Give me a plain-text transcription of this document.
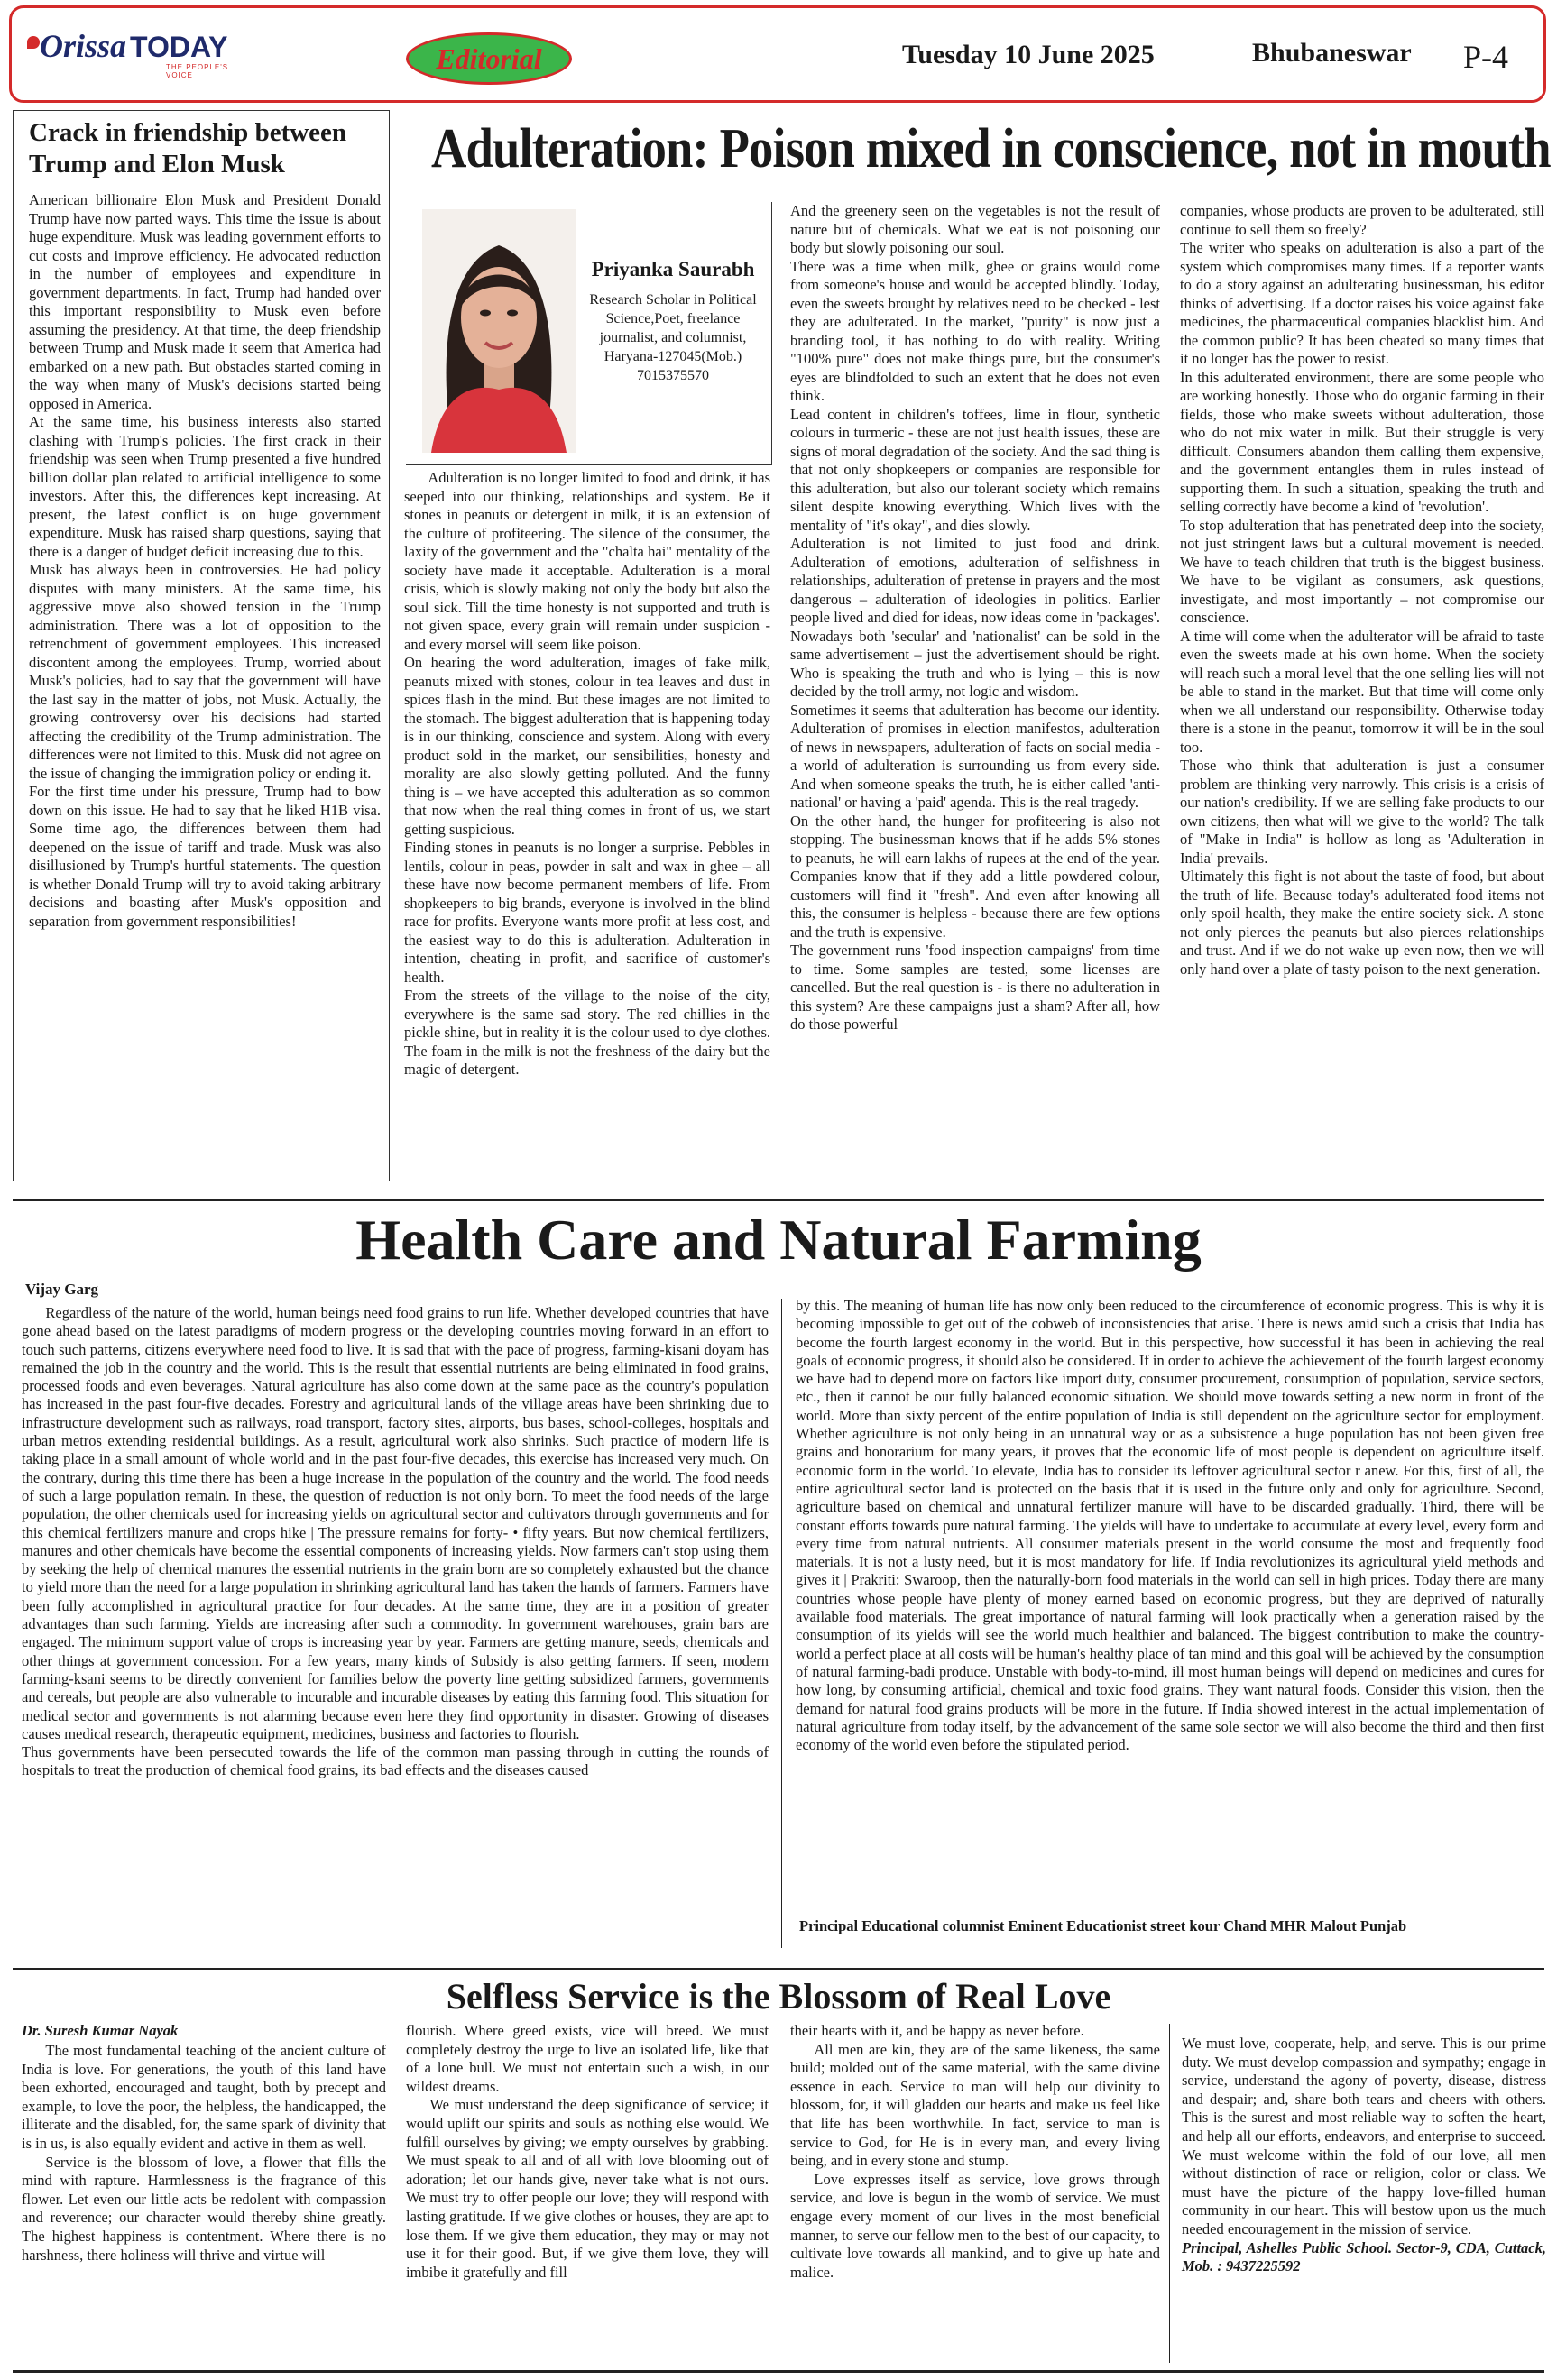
Orissa TODAY
THE PEOPLE'S VOICE
Editorial	Tuesday 10 June 2025	Bhubaneswar P-4
Crack in friendship between Trump and Elon Musk

American billionaire Elon Musk and President Donald Trump have now parted ways. This time the issue is about huge expenditure. Musk was leading government efforts to cut costs and improve efficiency. He advocated reduction in the number of employees and expenditure in government departments. In fact, Trump had handed over this important responsibility to Musk even before assuming the presidency. At that time, the deep friendship between Trump and Musk made it seem that America had embarked on a new path. But obstacles started coming in the way when many of Musk's decisions started being opposed in America.

At the same time, his business interests also started clashing with Trump's policies. The first crack in their friendship was seen when Trump presented a five hundred billion dollar plan related to artificial intelligence to some investors. After this, the differences kept increasing. At present, the latest conflict is on huge government expenditure. Musk has raised sharp questions, saying that there is a danger of budget deficit increasing due to this.

Musk has always been in controversies. He had policy disputes with many ministers. At the same time, his aggressive move also showed tension in the Trump administration. There was a lot of opposition to the retrenchment of government employees. This increased discontent among the employees. Trump, worried about Musk's policies, had to say that the government will have the last say in the matter of jobs, not Musk. Actually, the growing controversy over his decisions had started affecting the credibility of the Trump administration. The differences were not limited to this. Musk did not agree on the issue of changing the immigration policy or ending it.

For the first time under his pressure, Trump had to bow down on this issue. He had to say that he liked H1B visa. Some time ago, the differences between them had deepened on the issue of tariff and trade. Musk was also disillusioned by Trump's hurtful statements. The question is whether Donald Trump will try to avoid taking arbitrary decisions and boasting after Musk's opposition and separation from government responsibilities!

Adulteration: Poison mixed in conscience, not in mouth
Priyanka Saurabh
Research Scholar in Political Science,Poet, freelance journalist, and columnist, Haryana-127045(Mob.) 7015375570

Adulteration is no longer limited to food and drink, it has seeped into our thinking, relationships and system. Be it stones in peanuts or detergent in milk, it is an extension of the culture of profiteering. The silence of the consumer, the laxity of the government and the "chalta hai" mentality of the society have made it acceptable. Adulteration is a moral crisis, which is slowly making not only the body but also the soul sick. Till the time honesty is not supported and truth is not given space, every grain will remain under suspicion - and every morsel will seem like poison.

On hearing the word adulteration, images of fake milk, peanuts mixed with stones, colour in tea leaves and dust in spices flash in the mind. But these images are not limited to the stomach. The biggest adulteration that is happening today is in our thinking, conscience and system. Along with every product sold in the market, our sensibilities, honesty and morality are also slowly getting polluted. And the funny thing is – we have accepted this adulteration as so common that now when the real thing comes in front of us, we start getting suspicious.

Finding stones in peanuts is no longer a surprise. Pebbles in lentils, colour in peas, powder in salt and wax in ghee – all these have now become permanent members of life. From shopkeepers to big brands, everyone is involved in the blind race for profits. Everyone wants more profit at less cost, and the easiest way to do this is adulteration. Adulteration in intention, cheating in profit, and sacrifice of customer's health.

From the streets of the village to the noise of the city, everywhere is the same sad story. The red chillies in the pickle shine, but in reality it is the colour used to dye clothes. The foam in the milk is not the freshness of the dairy but the magic of detergent.

And the greenery seen on the vegetables is not the result of nature but of chemicals. What we eat is not poisoning our body but slowly poisoning our soul.

There was a time when milk, ghee or grains would come from someone's house and would be accepted blindly. Today, even the sweets brought by relatives need to be checked - lest they are adulterated. In the market, "purity" is now just a branding tool, it has nothing to do with reality. Writing "100% pure" does not make things pure, but the consumer's eyes are blindfolded to such an extent that he does not even think.

Lead content in children's toffees, lime in flour, synthetic colours in turmeric - these are not just health issues, these are signs of moral degradation of the society. And the sad thing is that not only shopkeepers or companies are responsible for this adulteration, but also our tolerant society which remains silent despite knowing everything. Which lives with the mentality of "it's okay", and dies slowly.

Adulteration is not limited to just food and drink. Adulteration of emotions, adulteration of selfishness in relationships, adulteration of pretense in prayers and the most dangerous – adulteration of ideologies in politics. Earlier people lived and died for ideas, now ideas come in 'packages'. Nowadays both 'secular' and 'nationalist' can be sold in the same advertisement – just the advertisement should be right. Who is speaking the truth and who is lying – this is now decided by the troll army, not logic and wisdom.

Sometimes it seems that adulteration has become our identity. Adulteration of promises in election manifestos, adulteration of news in newspapers, adulteration of facts on social media - a world of adulteration is surrounding us from every side. And when someone speaks the truth, he is either called 'anti-national' or having a 'paid' agenda. This is the real tragedy.

On the other hand, the hunger for profiteering is also not stopping. The businessman knows that if he adds 5% stones to peanuts, he will earn lakhs of rupees at the end of the year. Companies know that if they add a little powdered colour, customers will find it "fresh". And even after knowing all this, the consumer is helpless - because there are few options and the truth is expensive.

The government runs 'food inspection campaigns' from time to time. Some samples are tested, some licenses are cancelled. But the real question is - is there no adulteration in this system? Are these campaigns just a sham? After all, how do those powerful

companies, whose products are proven to be adulterated, still continue to sell them so freely?

The writer who speaks on adulteration is also a part of the system which compromises many times. If a reporter wants to do a story against an adulterating businessman, his editor thinks of advertising. If a doctor raises his voice against fake medicines, the pharmaceutical companies blacklist him. And the common public? It has been cheated so many times that it no longer has the power to resist.

In this adulterated environment, there are some people who are working honestly. Those who do organic farming in their fields, those who make sweets without adulteration, those who do not mix water in milk. But their struggle is very difficult. Consumers abandon them calling them expensive, and the government entangles them in rules instead of supporting them. In such a situation, speaking the truth and selling correctly have become a kind of 'revolution'.

To stop adulteration that has penetrated deep into the society, not just stringent laws but a cultural movement is needed. We have to teach children that truth is the biggest business. We have to be vigilant as consumers, ask questions, investigate, and most importantly – not compromise our conscience.

A time will come when the adulterator will be afraid to taste even the sweets made at his own home. When the society will reach such a moral level that the one selling lies will not be able to stand in the market. But that time will come only when we all understand our responsibility. Otherwise today there is a stone in the peanut, tomorrow it will be in the soul too.

Those who think that adulteration is just a consumer problem are thinking very narrowly. This crisis is a crisis of our nation's credibility. If we are selling fake products to our own citizens, then what will we give to the world? The talk of "Make in India" is hollow as long as 'Adulteration in India' prevails.

Ultimately this fight is not about the taste of food, but about the truth of life. Because today's adulterated food items not only spoil health, they make the entire society sick. A stone not only pierces the peanuts but also pierces relationships and trust. And if we do not wake up even now, then we will only hand over a plate of tasty poison to the next generation.

Health Care and Natural Farming
Vijay Garg

Regardless of the nature of the world, human beings need food grains to run life. Whether developed countries that have gone ahead based on the latest paradigms of modern progress or the developing countries moving forward in an effort to touch such patterns, citizens everywhere need food to live. It is sad that with the pace of progress, farming-kisani doyam has remained the job in the country and the world. This is the result that essential nutrients are being eliminated in food grains, processed foods and even beverages. Natural agriculture has also come down at the same pace as the country's population has increased in the past four-five decades. Forestry and agricultural lands of the village areas have been shrinking due to infrastructure development such as railways, road transport, factory sites, airports, bus bases, school-colleges, hospitals and urban metros extending residential buildings. As a result, agricultural work also shrinks. Such practice of modern life is taking place in a small amount of whole world and in the past four-five decades, this exercise has increased very much. On the contrary, during this time there has been a huge increase in the population of the country and the world. The food needs of such a large population remain. In these, the question of reduction is not only born. To meet the food needs of the large population, the other chemicals used for increasing yields on agricultural sector and cultivators through governments and for this chemical fertilizers manure and crops hike | The pressure remains for forty- • fifty years. But now chemical fertilizers, manures and other chemicals have become the essential components of increasing yields. Now farmers can't stop using them by seeking the help of chemical manures the essential nutrients in the grain born are so completely exhausted but the chance to yield more than the need for a large population in shrinking agricultural land has taken the hands of farmers. Farmers have been fully accomplished in agricultural practice for four decades. At the same time, they are in a position of greater advantages than such farming. Yields are increasing after such a commodity. In government warehouses, grain bars are engaged. The minimum support value of crops is increasing year by year. Farmers are getting manure, seeds, chemicals and other things at government concession. For a few years, many kinds of Subsidy is also getting farmers. If seen, modern farming-ksani seems to be directly convenient for families below the poverty line getting subsidized farmers, governments and cereals, but people are also vulnerable to incurable and incurable diseases by eating this farming food. This situation for medical sector and governments is not alarming because even here they find opportunity in disaster. Growing of diseases causes medical research, therapeutic equipment, medicines, business and factories to flourish.

Thus governments have been persecuted towards the life of the common man passing through in cutting the rounds of hospitals to treat the production of chemical food grains, its bad effects and the diseases caused

by this. The meaning of human life has now only been reduced to the circumference of economic progress. This is why it is becoming impossible to get out of the cobweb of inconsistencies that arise. There is news amid such a crisis that India has become the fourth largest economy in the world. But in this perspective, how successful it has been in achieving the real goals of economic progress, it should also be considered. If in order to achieve the achievement of the fourth largest economy we have had to depend more on factors like import duty, consumer procurement, consumption of population, service sectors, etc., then it cannot be our fully balanced economic situation. We should move towards setting a new norm in front of the world. More than sixty percent of the entire population of India is still dependent on the agriculture sector for employment. Whether agriculture is not only being in an unnatural way or as a subsistence a huge population has not been given free grains and honorarium for many years, it proves that the economic life of most people is dependent on agriculture itself. economic form in the world. To elevate, India has to consider its leftover agricultural sector r anew. For this, first of all, the entire agricultural sector land is protected on the basis that it is used in the future only and only for agriculture. Second, agriculture based on chemical and unnatural fertilizer manure will have to be discarded gradually. Third, there will be constant efforts towards pure natural farming. The yields will have to undertake to accumulate at every level, every form and every time from natural nutrients. All consumer materials present in the world consume the most and frequently food materials. It is not a lusty need, but it is most mandatory for life. If India revolutionizes its agricultural yield methods and gives it | Prakriti: Swaroop, then the naturally-born food materials in the world can sell in high prices. Today there are many countries whose people have plenty of money earned based on economic progress, but they are deprived of naturally available food materials. The great importance of natural farming will look practically when a generation raised by the consumption of its yields will see the world much healthier and balanced. The biggest contribution to make the country-world a perfect place at all costs will be human's healthy place of tan mind and this goal will be achieved by the consumption of natural farming-badi produce. Unstable with body-to-mind, ill most human beings will depend on medicines and cures for how long, by consuming artificial, chemical and toxic food grains. They want natural foods. Consider this vision, then the demand for natural food grains products will be more in the future. If India showed interest in the actual implementation of natural agriculture from today itself, by the advancement of the same sole sector we will also become the third and then first economy of the world even before the stipulated period.

Principal Educational columnist Eminent Educationist street kour Chand MHR Malout Punjab
Selfless Service is the Blossom of Real Love
Dr. Suresh Kumar Nayak

The most fundamental teaching of the ancient culture of India is love. For generations, the youth of this land have been exhorted, encouraged and taught, both by precept and example, to love the poor, the helpless, the handicapped, the illiterate and the disabled, for, the same spark of divinity that is in us, is also equally evident and active in them as well.

Service is the blossom of love, a flower that fills the mind with rapture. Harmlessness is the fragrance of this flower. Let even our little acts be redolent with compassion and reverence; our character would thereby shine greatly. The highest happiness is contentment. Where there is no harshness, there holiness will thrive and virtue will

flourish. Where greed exists, vice will breed. We must completely destroy the urge to live an isolated life, like that of a lone bull. We must not entertain such a wish, in our wildest dreams.

We must understand the deep significance of service; it would uplift our spirits and souls as nothing else would. We fulfill ourselves by giving; we empty ourselves by grabbing. We must speak to all and of all with love blooming out of adoration; let our hands give, never take what is not ours. We must try to offer people our love; they will respond with lasting gratitude. If we give clothes or houses, they are apt to lose them. If we give them education, they may or may not use it for their good. But, if we give them love, they will imbibe it gratefully and fill

their hearts with it, and be happy as never before.

All men are kin, they are of the same likeness, the same build; molded out of the same material, with the same divine essence in each. Service to man will help our divinity to blossom, for, it will gladden our hearts and make us feel like that life has been worthwhile. In fact, service to man is service to God, for He is in every man, and every living being, and in every stone and stump.

Love expresses itself as service, love grows through service, and love is begun in the womb of service. We must engage every moment of our lives in the most beneficial manner, to serve our fellow men to the best of our capacity, to cultivate love towards all mankind, and to give up hate and malice.

We must love, cooperate, help, and serve. This is our prime duty. We must develop compassion and sympathy; engage in service, understand the agony of poverty, disease, distress and despair; and, share both tears and cheers with others. This is the surest and most reliable way to soften the heart, and help all our efforts, endeavors, and enterprise to succeed. We must welcome within the fold of our love, all men without distinction of race or religion, color or class. We must have the picture of the happy love-filled human community in our heart. This will bestow upon us the much needed encouragement in the mission of service.

Principal, Ashelles Public School. Sector-9, CDA, Cuttack, Mob. : 9437225592
